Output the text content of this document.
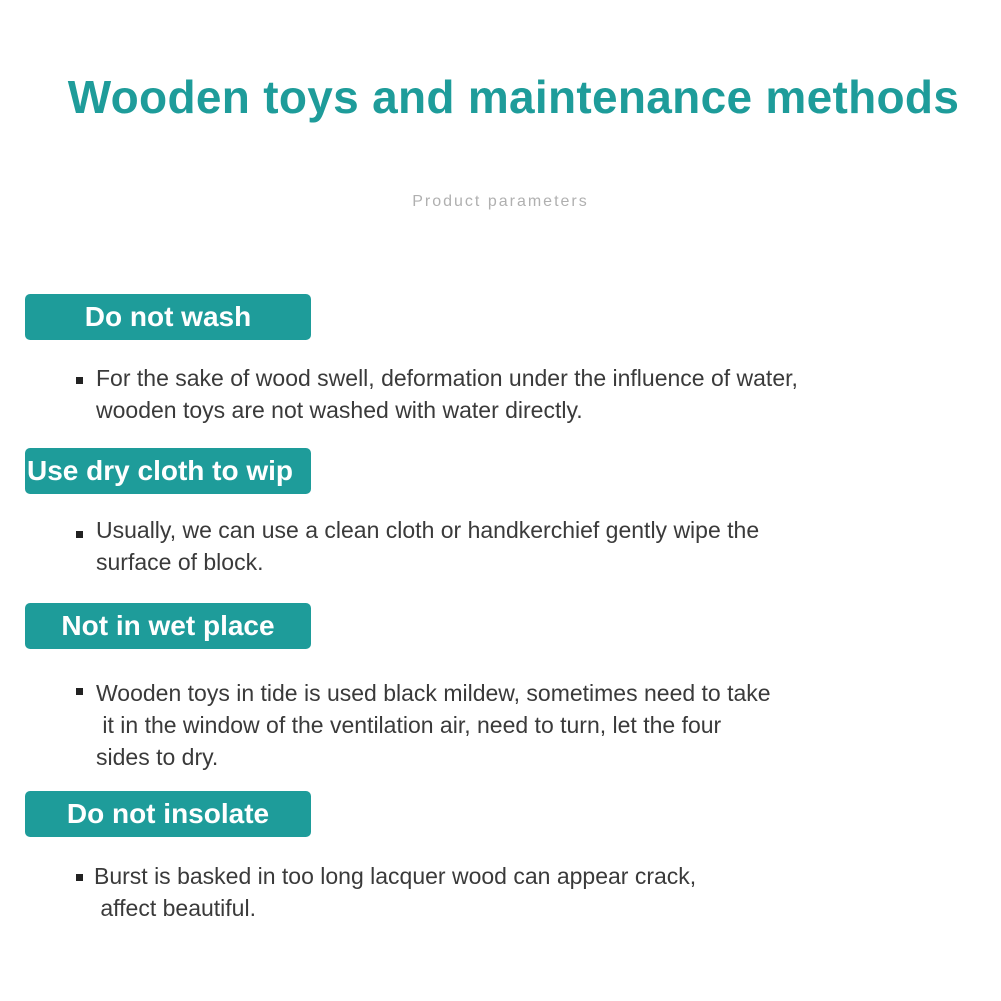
Wooden toys and maintenance methods
Product parameters
Do not wash
For the sake of wood swell, deformation under the influence of water,
wooden toys are not washed with water directly.
Use dry cloth to wip
Usually, we can use a clean cloth or handkerchief gently wipe the
surface of block.
Not in wet place
Wooden toys in tide is used black mildew, sometimes need to take
it in the window of the ventilation air, need to turn, let the four
sides to dry.
Do not insolate
Burst is basked in too long lacquer wood can appear crack,
affect beautiful.
